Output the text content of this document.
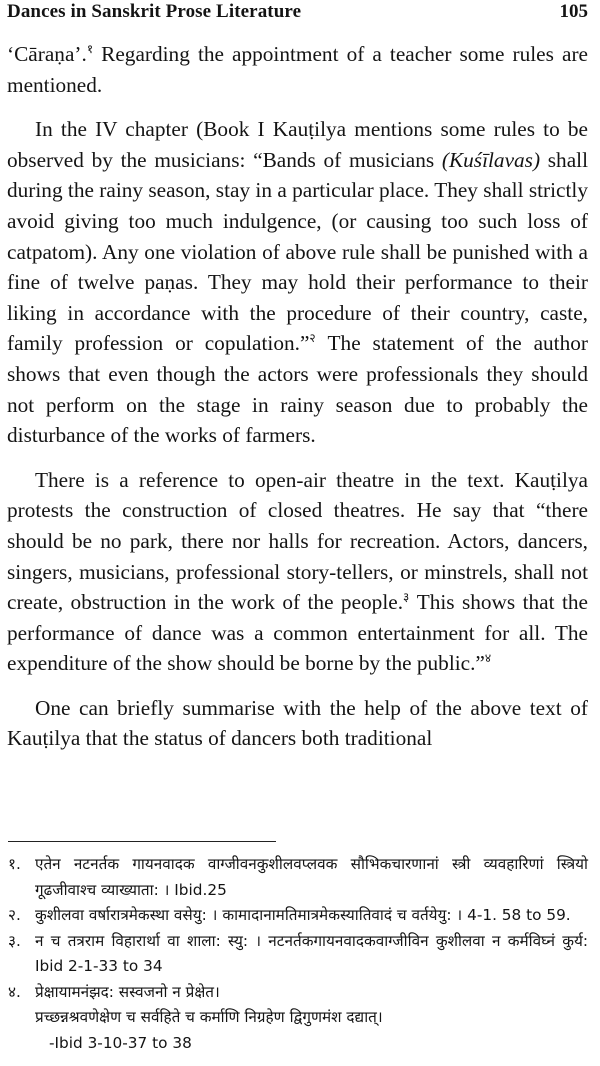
Dances in Sanskrit Prose Literature	105

‘Cāraṇa’.$^१$ Regarding the appointment of a teacher some rules are mentioned.

In the IV chapter (Book I Kauṭilya mentions some rules to be observed by the musicians: “Bands of musicians (Kuśīlavas) shall during the rainy season, stay in a particular place. They shall strictly avoid giving too much indulgence, (or causing too such loss of catpatom). Any one violation of above rule shall be punished with a fine of twelve paṇas. They may hold their performance to their liking in accordance with the procedure of their country, caste, family profession or copulation.”$^२$ The statement of the author shows that even though the actors were professionals they should not perform on the stage in rainy season due to probably the disturbance of the works of farmers.

There is a reference to open-air theatre in the text. Kauṭilya protests the construction of closed theatres. He say that “there should be no park, there nor halls for recreation. Actors, dancers, singers, musicians, professional story-tellers, or minstrels, shall not create, obstruction in the work of the people.$^३$ This shows that the performance of dance was a common entertainment for all. The expenditure of the show should be borne by the public.”$^४$

One can briefly summarise with the help of the above text of Kauṭilya that the status of dancers both traditional

१. एतेन नटनर्तक गायनवादक वाग्जीवनकुशीलवप्लवक सौभिकचारणानां स्त्री व्यवहारिणां स्त्रियो गूढजीवाश्च व्याख्याता: । Ibid.25
२. कुशीलवा वर्षारात्रमेकस्था वसेयु: । कामादानामतिमात्रमेकस्यातिवादं च वर्तयेयु: । 4-1. 58 to 59.
३. न च तत्रराम विहारार्था वा शाला: स्यु: । नटनर्तकगायनवादकवाग्जीविन कुशीलवा न कर्मविघ्नं कुर्य: Ibid 2-1-33 to 34
४. प्रेक्षायामनंझद: सस्वजनो न प्रेक्षेत।
प्रच्छन्नश्रवणेक्षेण च सर्वहिते च कर्माणि निग्रहेण द्विगुणमंश दद्यात्।
-Ibid 3-10-37 to 38
